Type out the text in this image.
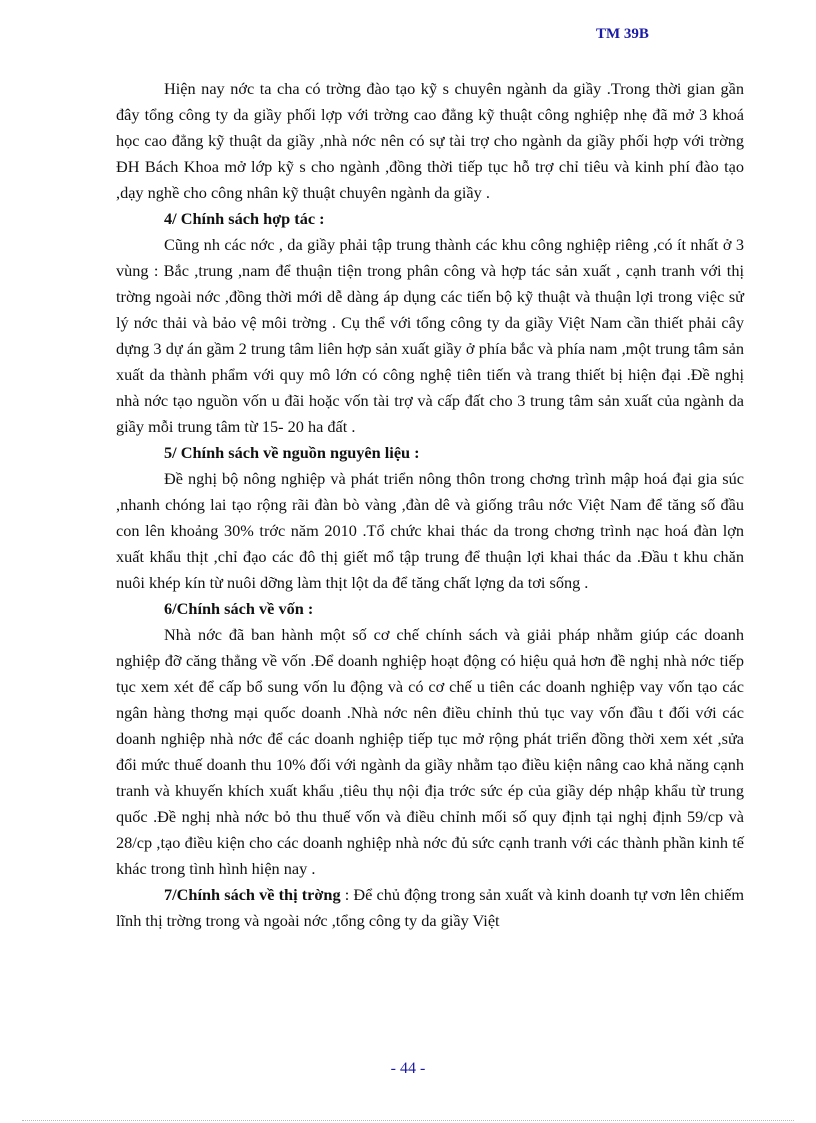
TM 39B

Hiện nay nớc ta cha có trờng đào tạo kỹ s chuyên ngành da giầy .Trong thời gian gần đây tổng công ty da giầy phối lợp với trờng cao đẳng kỹ thuật công nghiệp nhẹ đã mở 3 khoá học cao đẳng kỹ thuật da giầy ,nhà nớc nên có sự tài trợ cho ngành da giầy phối hợp với trờng ĐH Bách Khoa mở lớp kỹ s cho ngành ,đồng thời tiếp tục hỗ trợ chỉ tiêu và kinh phí đào tạo ,dạy nghề cho công nhân kỹ thuật chuyên ngành da giầy .

4/ Chính sách hợp tác :

Cũng nh các nớc , da giầy phải tập trung thành các khu công nghiệp riêng ,có ít nhất ở 3 vùng : Bắc ,trung ,nam để thuận tiện trong phân công và hợp tác sản xuất , cạnh tranh với thị trờng ngoài nớc ,đồng thời mới dễ dàng áp dụng các tiến bộ kỹ thuật và thuận lợi trong việc sử lý nớc thải và bảo vệ môi trờng . Cụ thể với tổng công ty da giầy Việt Nam cần thiết phải cây dựng 3 dự án gầm 2 trung tâm liên hợp sản xuất giầy ở phía bắc và phía nam ,một trung tâm sản xuất da thành phẩm với quy mô lớn có công nghệ tiên tiến và trang thiết bị hiện đại .Đề nghị nhà nớc tạo nguồn vốn u đãi hoặc vốn tài trợ và cấp đất cho 3 trung tâm sản xuất của ngành da giầy mỗi trung tâm từ 15- 20 ha đất .

5/ Chính sách về nguồn nguyên liệu :

Đề nghị bộ nông nghiệp và phát triển nông thôn trong chơng trình mập hoá đại gia súc ,nhanh chóng lai tạo rộng rãi đàn bò vàng ,đàn dê và giống trâu nớc Việt Nam để tăng số đầu con lên khoảng 30% trớc năm 2010 .Tổ chức khai thác da trong chơng trình nạc hoá đàn lợn xuất khẩu thịt ,chỉ đạo các đô thị giết mổ tập trung để thuận lợi khai thác da .Đầu t khu chăn nuôi khép kín từ nuôi dỡng làm thịt lột da để tăng chất lợng da tơi sống .

6/Chính sách về vốn :

Nhà nớc đã ban hành một số cơ chế chính sách và giải pháp nhằm giúp các doanh nghiệp đỡ căng thẳng về vốn .Để doanh nghiệp hoạt động có hiệu quả hơn đề nghị nhà nớc tiếp tục xem xét để cấp bổ sung vốn lu động và có cơ chế u tiên các doanh nghiệp vay vốn tạo các ngân hàng thơng mại quốc doanh .Nhà nớc nên điều chỉnh thủ tục vay vốn đầu t đối với các doanh nghiệp nhà nớc để các doanh nghiệp tiếp tục mở rộng phát triển đồng thời xem xét ,sửa đổi mức thuế doanh thu 10% đối với ngành da giầy nhằm tạo điều kiện nâng cao khả năng cạnh tranh và khuyến khích xuất khẩu ,tiêu thụ nội địa trớc sức ép của giầy dép nhập khẩu từ trung quốc .Đề nghị nhà nớc bỏ thu thuế vốn và điều chỉnh mối số quy định tại nghị định 59/cp và 28/cp ,tạo điều kiện cho các doanh nghiệp nhà nớc đủ sức cạnh tranh với các thành phần kinh tế khác trong tình hình hiện nay .

7/Chính sách về thị trờng : Để chủ động trong sản xuất và kinh doanh tự vơn lên chiếm lĩnh thị trờng trong và ngoài nớc ,tổng công ty da giầy Việt

- 44 -
